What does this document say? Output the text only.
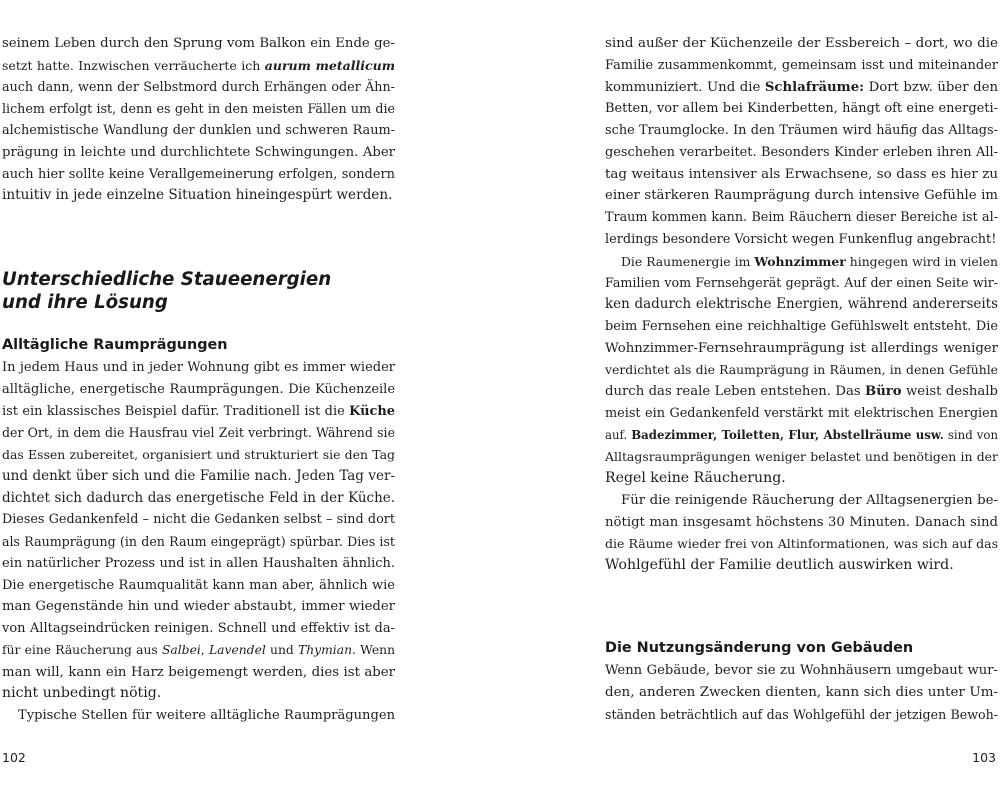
seinem Leben durch den Sprung vom Balkon ein Ende ge-
setzt hatte. Inzwischen verräucherte ich aurum metallicum
auch dann, wenn der Selbstmord durch Erhängen oder Ähn-
lichem erfolgt ist, denn es geht in den meisten Fällen um die
alchemistische Wandlung der dunklen und schweren Raum-
prägung in leichte und durchlichtete Schwingungen. Aber
auch hier sollte keine Verallgemeinerung erfolgen, sondern
intuitiv in jede einzelne Situation hineingespürt werden.
Unterschiedliche Staueenergien
und ihre Lösung
Alltägliche Raumprägungen
In jedem Haus und in jeder Wohnung gibt es immer wieder
alltägliche, energetische Raumprägungen. Die Küchenzeile
ist ein klassisches Beispiel dafür. Traditionell ist die Küche
der Ort, in dem die Hausfrau viel Zeit verbringt. Während sie
das Essen zubereitet, organisiert und strukturiert sie den Tag
und denkt über sich und die Familie nach. Jeden Tag ver-
dichtet sich dadurch das energetische Feld in der Küche.
Dieses Gedankenfeld – nicht die Gedanken selbst – sind dort
als Raumprägung (in den Raum eingeprägt) spürbar. Dies ist
ein natürlicher Prozess und ist in allen Haushalten ähnlich.
Die energetische Raumqualität kann man aber, ähnlich wie
man Gegenstände hin und wieder abstaubt, immer wieder
von Alltagseindrücken reinigen. Schnell und effektiv ist da-
für eine Räucherung aus Salbei, Lavendel und Thymian. Wenn
man will, kann ein Harz beigemengt werden, dies ist aber
nicht unbedingt nötig.
Typische Stellen für weitere alltägliche Raumprägungen
102
sind außer der Küchenzeile der Essbereich – dort, wo die
Familie zusammenkommt, gemeinsam isst und miteinander
kommuniziert. Und die Schlafräume: Dort bzw. über den
Betten, vor allem bei Kinderbetten, hängt oft eine energeti-
sche Traumglocke. In den Träumen wird häufig das Alltags-
geschehen verarbeitet. Besonders Kinder erleben ihren All-
tag weitaus intensiver als Erwachsene, so dass es hier zu
einer stärkeren Raumprägung durch intensive Gefühle im
Traum kommen kann. Beim Räuchern dieser Bereiche ist al-
lerdings besondere Vorsicht wegen Funkenflug angebracht!
Die Raumenergie im Wohnzimmer hingegen wird in vielen
Familien vom Fernsehgerät geprägt. Auf der einen Seite wir-
ken dadurch elektrische Energien, während andererseits
beim Fernsehen eine reichhaltige Gefühlswelt entsteht. Die
Wohnzimmer-Fernsehraumprägung ist allerdings weniger
verdichtet als die Raumprägung in Räumen, in denen Gefühle
durch das reale Leben entstehen. Das Büro weist deshalb
meist ein Gedankenfeld verstärkt mit elektrischen Energien
auf. Badezimmer, Toiletten, Flur, Abstellräume usw. sind von
Alltagsraumprägungen weniger belastet und benötigen in der
Regel keine Räucherung.
Für die reinigende Räucherung der Alltagsenergien be-
nötigt man insgesamt höchstens 30 Minuten. Danach sind
die Räume wieder frei von Altinformationen, was sich auf das
Wohlgefühl der Familie deutlich auswirken wird.
Die Nutzungsänderung von Gebäuden
Wenn Gebäude, bevor sie zu Wohnhäusern umgebaut wur-
den, anderen Zwecken dienten, kann sich dies unter Um-
ständen beträchtlich auf das Wohlgefühl der jetzigen Bewoh-
103
